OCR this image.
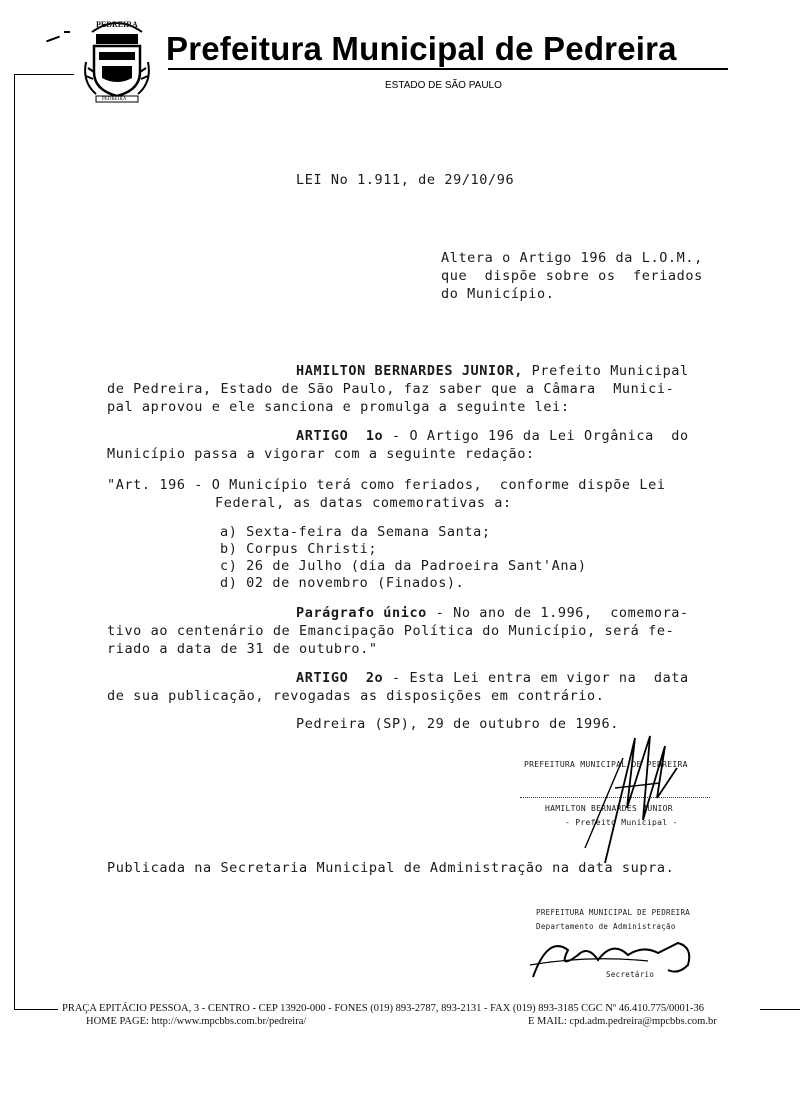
PEDREIRA
PEDREIRA
Prefeitura Municipal de Pedreira
ESTADO DE SÃO PAULO
LEI No 1.911, de 29/10/96
Altera o Artigo 196 da L.O.M.,
que  dispõe sobre os  feriados
do Município.
HAMILTON BERNARDES JUNIOR, Prefeito Municipal
de Pedreira, Estado de São Paulo, faz saber que a Câmara  Munici-
pal aprovou e ele sanciona e promulga a seguinte lei:
ARTIGO  1o - O Artigo 196 da Lei Orgânica  do
Município passa a vigorar com a seguinte redação:
"Art. 196 - O Município terá como feriados,  conforme dispõe Lei
Federal, as datas comemorativas a:
a) Sexta-feira da Semana Santa;
b) Corpus Christi;
c) 26 de Julho (dia da Padroeira Sant'Ana)
d) 02 de novembro (Finados).
Parágrafo único - No ano de 1.996,  comemora-
tivo ao centenário de Emancipação Política do Município, será fe-
riado a data de 31 de outubro."
ARTIGO  2o - Esta Lei entra em vigor na  data
de sua publicação, revogadas as disposições em contrário.
Pedreira (SP), 29 de outubro de 1996.
PREFEITURA MUNICIPAL DE PEDREIRA
HAMILTON BERNARDES JUNIOR
- Prefeito Municipal -
Publicada na Secretaria Municipal de Administração na data supra.
PREFEITURA MUNICIPAL DE PEDREIRA
Departamento de Administração
Secretário
PRAÇA EPITÁCIO PESSOA, 3 - CENTRO - CEP 13920-000 - FONES (019) 893-2787, 893-2131 - FAX (019) 893-3185 CGC Nº 46.410.775/0001-36
HOME PAGE: http://www.mpcbbs.com.br/pedreira/	E MAIL: cpd.adm.pedreira@mpcbbs.com.br
